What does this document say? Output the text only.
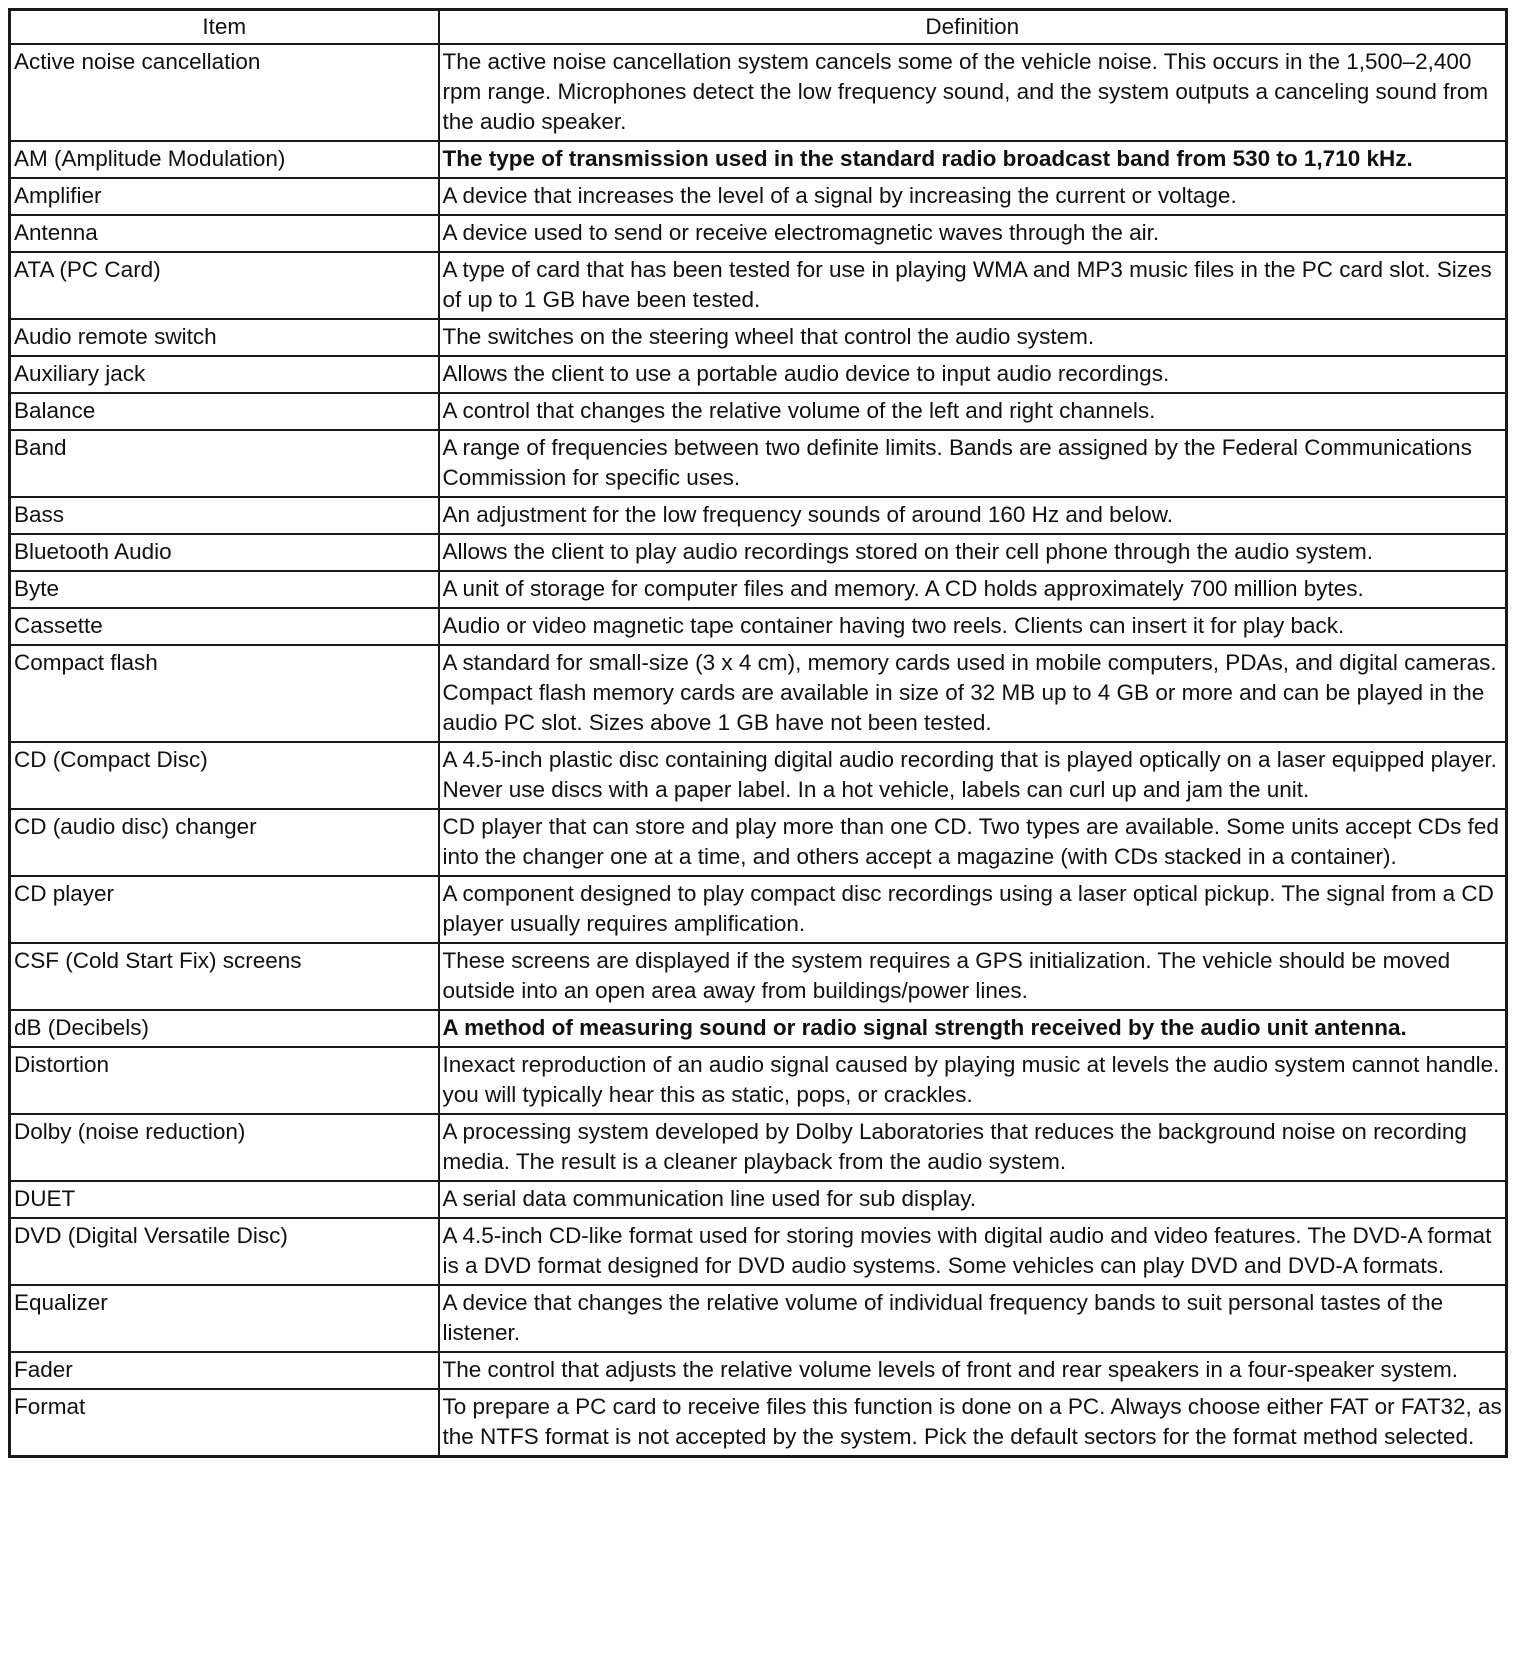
Item	Definition
Active noise cancellation	The active noise cancellation system cancels some of the vehicle noise. This occurs in the 1,500–2,400 rpm range. Microphones detect the low frequency sound, and the system outputs a canceling sound from the audio speaker.
AM (Amplitude Modulation)	The type of transmission used in the standard radio broadcast band from 530 to 1,710 kHz.
Amplifier	A device that increases the level of a signal by increasing the current or voltage.
Antenna	A device used to send or receive electromagnetic waves through the air.
ATA (PC Card)	A type of card that has been tested for use in playing WMA and MP3 music files in the PC card slot. Sizes of up to 1 GB have been tested.
Audio remote switch	The switches on the steering wheel that control the audio system.
Auxiliary jack	Allows the client to use a portable audio device to input audio recordings.
Balance	A control that changes the relative volume of the left and right channels.
Band	A range of frequencies between two definite limits. Bands are assigned by the Federal Communications Commission for specific uses.
Bass	An adjustment for the low frequency sounds of around 160 Hz and below.
Bluetooth Audio	Allows the client to play audio recordings stored on their cell phone through the audio system.
Byte	A unit of storage for computer files and memory. A CD holds approximately 700 million bytes.
Cassette	Audio or video magnetic tape container having two reels. Clients can insert it for play back.
Compact flash	A standard for small-size (3 x 4 cm), memory cards used in mobile computers, PDAs, and digital cameras. Compact flash memory cards are available in size of 32 MB up to 4 GB or more and can be played in the audio PC slot. Sizes above 1 GB have not been tested.
CD (Compact Disc)	A 4.5-inch plastic disc containing digital audio recording that is played optically on a laser equipped player. Never use discs with a paper label. In a hot vehicle, labels can curl up and jam the unit.
CD (audio disc) changer	CD player that can store and play more than one CD. Two types are available. Some units accept CDs fed into the changer one at a time, and others accept a magazine (with CDs stacked in a container).
CD player	A component designed to play compact disc recordings using a laser optical pickup. The signal from a CD player usually requires amplification.
CSF (Cold Start Fix) screens	These screens are displayed if the system requires a GPS initialization. The vehicle should be moved outside into an open area away from buildings/power lines.
dB (Decibels)	A method of measuring sound or radio signal strength received by the audio unit antenna.
Distortion	Inexact reproduction of an audio signal caused by playing music at levels the audio system cannot handle. you will typically hear this as static, pops, or crackles.
Dolby (noise reduction)	A processing system developed by Dolby Laboratories that reduces the background noise on recording media. The result is a cleaner playback from the audio system.
DUET	A serial data communication line used for sub display.
DVD (Digital Versatile Disc)	A 4.5-inch CD-like format used for storing movies with digital audio and video features. The DVD-A format is a DVD format designed for DVD audio systems. Some vehicles can play DVD and DVD-A formats.
Equalizer	A device that changes the relative volume of individual frequency bands to suit personal tastes of the listener.
Fader	The control that adjusts the relative volume levels of front and rear speakers in a four-speaker system.
Format	To prepare a PC card to receive files this function is done on a PC. Always choose either FAT or FAT32, as the NTFS format is not accepted by the system. Pick the default sectors for the format method selected.
